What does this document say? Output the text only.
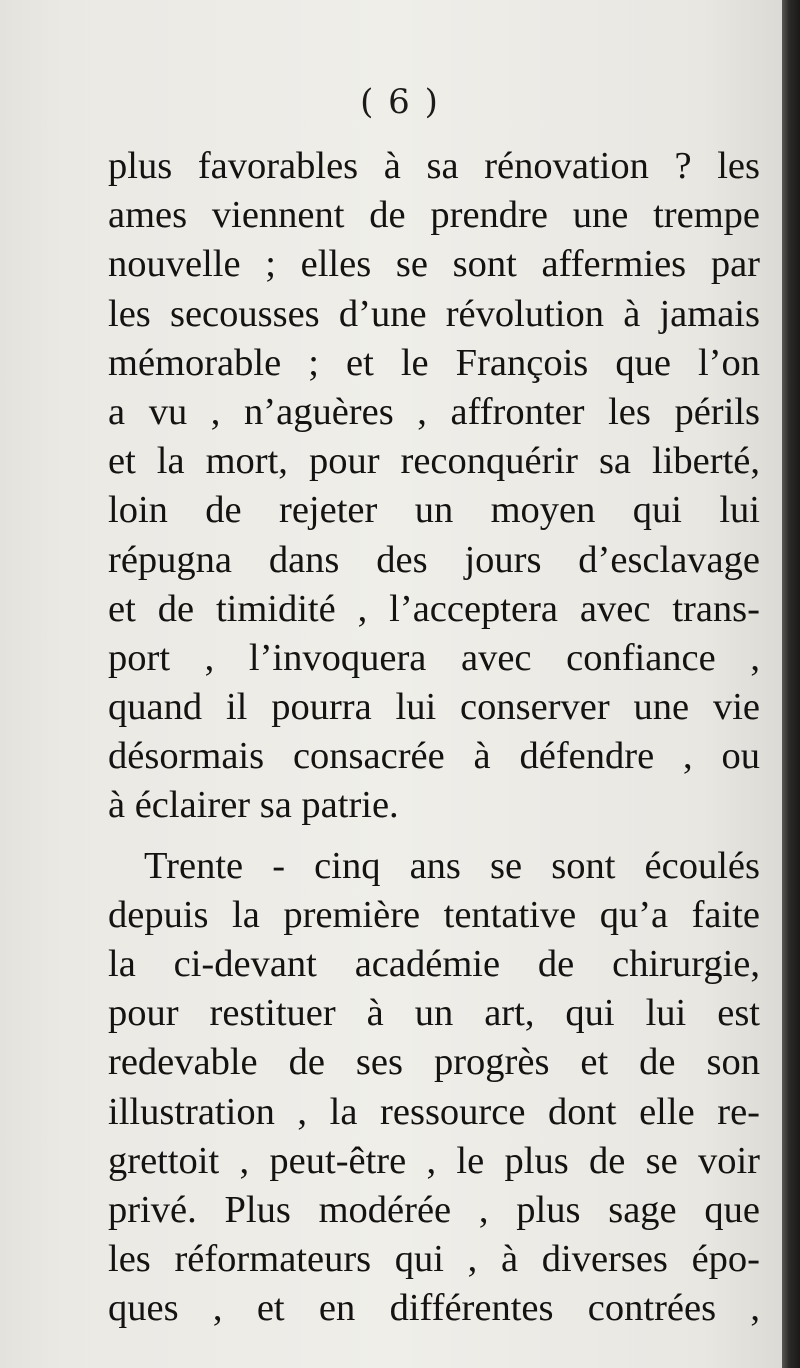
( 6 )
plus favorables à sa rénovation ? les
ames viennent de prendre une trempe
nouvelle ; elles se sont affermies par
les secousses d’une révolution à jamais
mémorable ; et le François que l’on
a vu , n’aguères , affronter les périls
et la mort, pour reconquérir sa liberté,
loin de rejeter un moyen qui lui
répugna dans des jours d’esclavage
et de timidité , l’acceptera avec trans-
port , l’invoquera avec confiance ,
quand il pourra lui conserver une vie
désormais consacrée à défendre , ou
à éclairer sa patrie.
Trente - cinq ans se sont écoulés
depuis la première tentative qu’a faite
la ci-devant académie de chirurgie,
pour restituer à un art, qui lui est
redevable de ses progrès et de son
illustration , la ressource dont elle re-
grettoit , peut-être , le plus de se voir
privé. Plus modérée , plus sage que
les réformateurs qui , à diverses épo-
ques , et en différentes contrées ,
